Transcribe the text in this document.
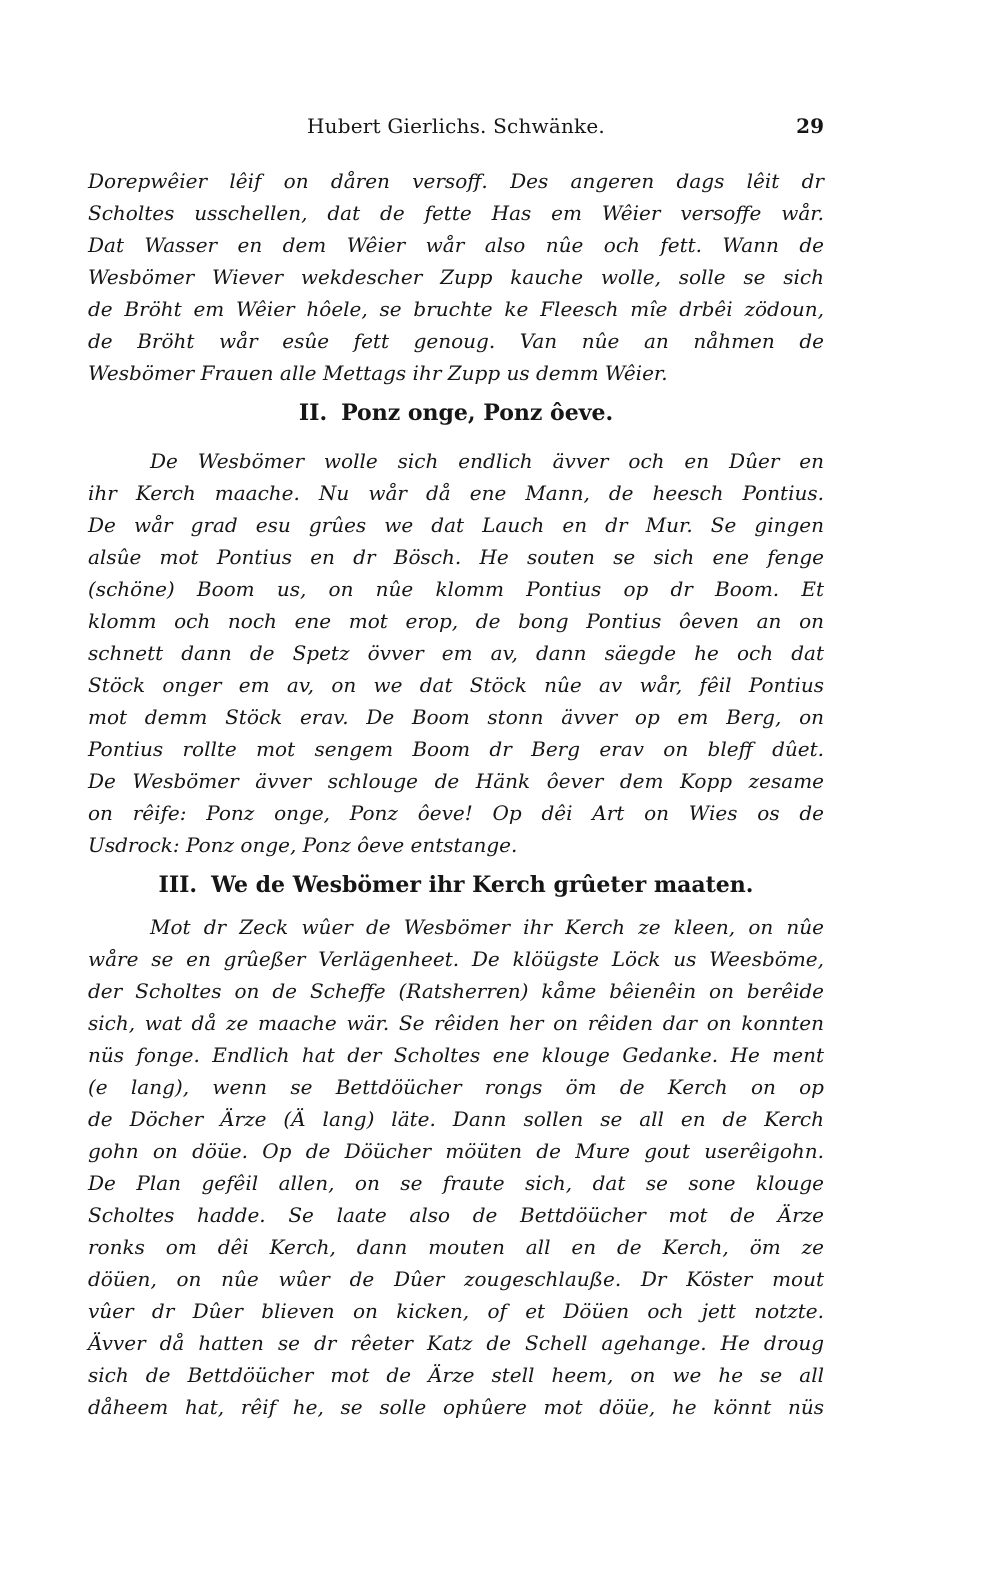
Hubert Gierlichs. Schwänke.	29
Dorepwêier lêif on dåren versoff. Des angeren dags lêit dr
Scholtes usschellen, dat de fette Has em Wêier versoffe wår.
Dat Wasser en dem Wêier wår also nûe och fett. Wann de
Wesbömer Wiever wekdescher Zupp kauche wolle, solle se sich
de Bröht em Wêier hôele, se bruchte ke Fleesch mîe drbêi zödoun,
de Bröht wår esûe fett genoug. Van nûe an nåhmen de
Wesbömer Frauen alle Mettags ihr Zupp us demm Wêier.
II. Ponz onge, Ponz ôeve.
De Wesbömer wolle sich endlich ävver och en Dûer en
ihr Kerch maache. Nu wår då ene Mann, de heesch Pontius.
De wår grad esu grûes we dat Lauch en dr Mur. Se gingen
alsûe mot Pontius en dr Bösch. He souten se sich ene fenge
(schöne) Boom us, on nûe klomm Pontius op dr Boom. Et
klomm och noch ene mot erop, de bong Pontius ôeven an on
schnett dann de Spetz övver em av, dann säegde he och dat
Stöck onger em av, on we dat Stöck nûe av wår, fêil Pontius
mot demm Stöck erav. De Boom stonn ävver op em Berg, on
Pontius rollte mot sengem Boom dr Berg erav on bleff dûet.
De Wesbömer ävver schlouge de Hänk ôever dem Kopp zesame
on rêife: Ponz onge, Ponz ôeve! Op dêi Art on Wies os de
Usdrock: Ponz onge, Ponz ôeve entstange.
III. We de Wesbömer ihr Kerch grûeter maaten.
Mot dr Zeck wûer de Wesbömer ihr Kerch ze kleen, on nûe
wåre se en grûeßer Verlägenheet. De klöügste Löck us Weesböme,
der Scholtes on de Scheffe (Ratsherren) kåme bêienêin on berêide
sich, wat då ze maache wär. Se rêiden her on rêiden dar on konnten
nüs fonge. Endlich hat der Scholtes ene klouge Gedanke. He ment
(e lang), wenn se Bettdöücher rongs öm de Kerch on op
de Döcher Ärze (Ä lang) läte. Dann sollen se all en de Kerch
gohn on döüe. Op de Döücher möüten de Mure gout userêigohn.
De Plan gefêil allen, on se fraute sich, dat se sone klouge
Scholtes hadde. Se laate also de Bettdöücher mot de Ärze
ronks om dêi Kerch, dann mouten all en de Kerch, öm ze
döüen, on nûe wûer de Dûer zougeschlauße. Dr Köster mout
vûer dr Dûer blieven on kicken, of et Döüen och jett notzte.
Ävver då hatten se dr rêeter Katz de Schell agehange. He droug
sich de Bettdöücher mot de Ärze stell heem, on we he se all
dåheem hat, rêif he, se solle ophûere mot döüe, he könnt nüs
